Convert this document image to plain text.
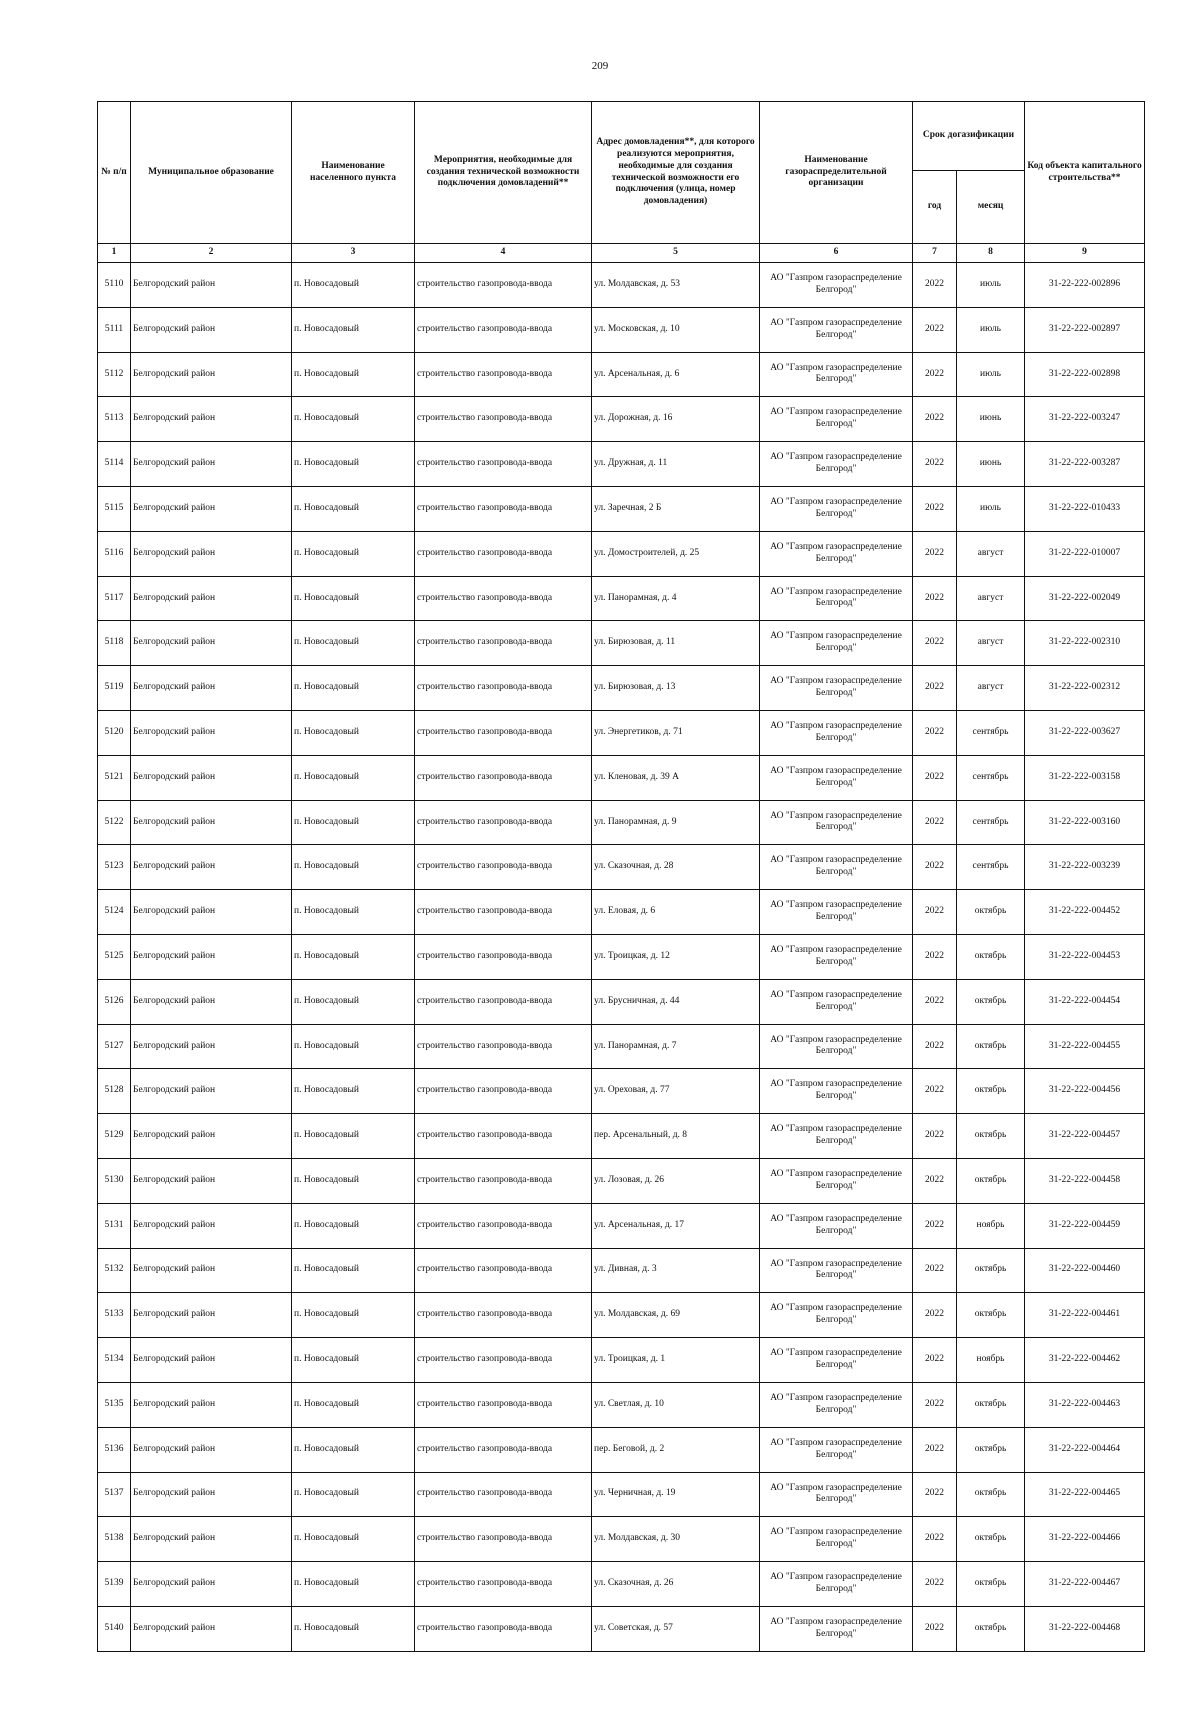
209
№ п/п	Муниципальное образование	Наименование населенного пункта	Мероприятия, необходимые для создания технической возможности подключения домовладений**	Адрес домовладения**, для которого реализуются мероприятия, необходимые для создания технической возможности его подключения (улица, номер домовладения)	Наименование газораспределительной организации	Срок догазификации		Код объекта капитального строительства**
						год	месяц	
1	2	3	4	5	6	7	8	9
5110	Белгородский район	п. Новосадовый	строительство газопровода-ввода	ул. Молдавская, д. 53	АО "Газпром газораспределение Белгород"	2022	июль	31-22-222-002896
5111	Белгородский район	п. Новосадовый	строительство газопровода-ввода	ул. Московская, д. 10	АО "Газпром газораспределение Белгород"	2022	июль	31-22-222-002897
5112	Белгородский район	п. Новосадовый	строительство газопровода-ввода	ул. Арсенальная, д. 6	АО "Газпром газораспределение Белгород"	2022	июль	31-22-222-002898
5113	Белгородский район	п. Новосадовый	строительство газопровода-ввода	ул. Дорожная, д. 16	АО "Газпром газораспределение Белгород"	2022	июнь	31-22-222-003247
5114	Белгородский район	п. Новосадовый	строительство газопровода-ввода	ул. Дружная, д. 11	АО "Газпром газораспределение Белгород"	2022	июнь	31-22-222-003287
5115	Белгородский район	п. Новосадовый	строительство газопровода-ввода	ул. Заречная, 2 Б	АО "Газпром газораспределение Белгород"	2022	июль	31-22-222-010433
5116	Белгородский район	п. Новосадовый	строительство газопровода-ввода	ул. Домостроителей, д. 25	АО "Газпром газораспределение Белгород"	2022	август	31-22-222-010007
5117	Белгородский район	п. Новосадовый	строительство газопровода-ввода	ул. Панорамная, д. 4	АО "Газпром газораспределение Белгород"	2022	август	31-22-222-002049
5118	Белгородский район	п. Новосадовый	строительство газопровода-ввода	ул. Бирюзовая, д. 11	АО "Газпром газораспределение Белгород"	2022	август	31-22-222-002310
5119	Белгородский район	п. Новосадовый	строительство газопровода-ввода	ул. Бирюзовая, д. 13	АО "Газпром газораспределение Белгород"	2022	август	31-22-222-002312
5120	Белгородский район	п. Новосадовый	строительство газопровода-ввода	ул. Энергетиков, д. 71	АО "Газпром газораспределение Белгород"	2022	сентябрь	31-22-222-003627
5121	Белгородский район	п. Новосадовый	строительство газопровода-ввода	ул. Кленовая, д. 39 А	АО "Газпром газораспределение Белгород"	2022	сентябрь	31-22-222-003158
5122	Белгородский район	п. Новосадовый	строительство газопровода-ввода	ул. Панорамная, д. 9	АО "Газпром газораспределение Белгород"	2022	сентябрь	31-22-222-003160
5123	Белгородский район	п. Новосадовый	строительство газопровода-ввода	ул. Сказочная, д. 28	АО "Газпром газораспределение Белгород"	2022	сентябрь	31-22-222-003239
5124	Белгородский район	п. Новосадовый	строительство газопровода-ввода	ул. Еловая, д. 6	АО "Газпром газораспределение Белгород"	2022	октябрь	31-22-222-004452
5125	Белгородский район	п. Новосадовый	строительство газопровода-ввода	ул. Троицкая, д. 12	АО "Газпром газораспределение Белгород"	2022	октябрь	31-22-222-004453
5126	Белгородский район	п. Новосадовый	строительство газопровода-ввода	ул. Брусничная, д. 44	АО "Газпром газораспределение Белгород"	2022	октябрь	31-22-222-004454
5127	Белгородский район	п. Новосадовый	строительство газопровода-ввода	ул. Панорамная, д. 7	АО "Газпром газораспределение Белгород"	2022	октябрь	31-22-222-004455
5128	Белгородский район	п. Новосадовый	строительство газопровода-ввода	ул. Ореховая, д. 77	АО "Газпром газораспределение Белгород"	2022	октябрь	31-22-222-004456
5129	Белгородский район	п. Новосадовый	строительство газопровода-ввода	пер. Арсенальный, д. 8	АО "Газпром газораспределение Белгород"	2022	октябрь	31-22-222-004457
5130	Белгородский район	п. Новосадовый	строительство газопровода-ввода	ул. Лозовая, д. 26	АО "Газпром газораспределение Белгород"	2022	октябрь	31-22-222-004458
5131	Белгородский район	п. Новосадовый	строительство газопровода-ввода	ул. Арсенальная, д. 17	АО "Газпром газораспределение Белгород"	2022	ноябрь	31-22-222-004459
5132	Белгородский район	п. Новосадовый	строительство газопровода-ввода	ул. Дивная, д. 3	АО "Газпром газораспределение Белгород"	2022	октябрь	31-22-222-004460
5133	Белгородский район	п. Новосадовый	строительство газопровода-ввода	ул. Молдавская, д. 69	АО "Газпром газораспределение Белгород"	2022	октябрь	31-22-222-004461
5134	Белгородский район	п. Новосадовый	строительство газопровода-ввода	ул. Троицкая, д. 1	АО "Газпром газораспределение Белгород"	2022	ноябрь	31-22-222-004462
5135	Белгородский район	п. Новосадовый	строительство газопровода-ввода	ул. Светлая, д. 10	АО "Газпром газораспределение Белгород"	2022	октябрь	31-22-222-004463
5136	Белгородский район	п. Новосадовый	строительство газопровода-ввода	пер. Беговой, д. 2	АО "Газпром газораспределение Белгород"	2022	октябрь	31-22-222-004464
5137	Белгородский район	п. Новосадовый	строительство газопровода-ввода	ул. Черничная, д. 19	АО "Газпром газораспределение Белгород"	2022	октябрь	31-22-222-004465
5138	Белгородский район	п. Новосадовый	строительство газопровода-ввода	ул. Молдавская, д. 30	АО "Газпром газораспределение Белгород"	2022	октябрь	31-22-222-004466
5139	Белгородский район	п. Новосадовый	строительство газопровода-ввода	ул. Сказочная, д. 26	АО "Газпром газораспределение Белгород"	2022	октябрь	31-22-222-004467
5140	Белгородский район	п. Новосадовый	строительство газопровода-ввода	ул. Советская, д. 57	АО "Газпром газораспределение Белгород"	2022	октябрь	31-22-222-004468
